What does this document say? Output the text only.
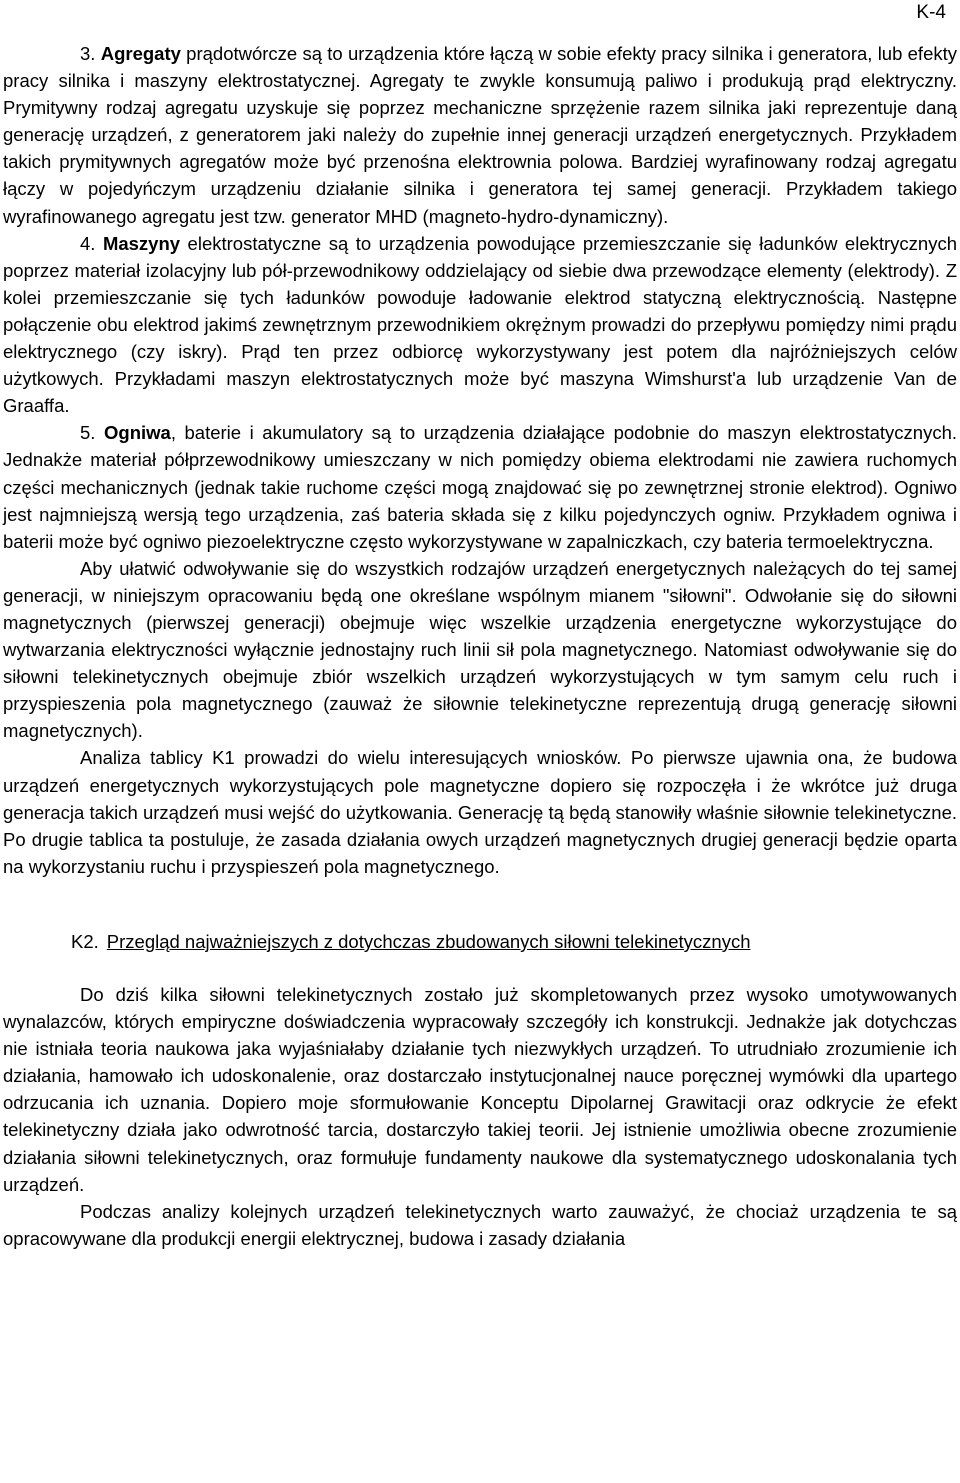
K-4

3. Agregaty prądotwórcze są to urządzenia które łączą w sobie efekty pracy silnika i generatora, lub efekty pracy silnika i maszyny elektrostatycznej. Agregaty te zwykle konsumują paliwo i produkują prąd elektryczny. Prymitywny rodzaj agregatu uzyskuje się poprzez mechaniczne sprzężenie razem silnika jaki reprezentuje daną generację urządzeń, z generatorem jaki należy do zupełnie innej generacji urządzeń energetycznych. Przykładem takich prymitywnych agregatów może być przenośna elektrownia polowa. Bardziej wyrafinowany rodzaj agregatu łączy w pojedyńczym urządzeniu działanie silnika i generatora tej samej generacji. Przykładem takiego wyrafinowanego agregatu jest tzw. generator MHD (magneto-hydro-dynamiczny).

4. Maszyny elektrostatyczne są to urządzenia powodujące przemieszczanie się ładunków elektrycznych poprzez materiał izolacyjny lub pół-przewodnikowy oddzielający od siebie dwa przewodzące elementy (elektrody). Z kolei przemieszczanie się tych ładunków powoduje ładowanie elektrod statyczną elektrycznością. Następne połączenie obu elektrod jakimś zewnętrznym przewodnikiem okrężnym prowadzi do przepływu pomiędzy nimi prądu elektrycznego (czy iskry). Prąd ten przez odbiorcę wykorzystywany jest potem dla najróżniejszych celów użytkowych. Przykładami maszyn elektrostatycznych może być maszyna Wimshurst'a lub urządzenie Van de Graaffa.

5. Ogniwa, baterie i akumulatory są to urządzenia działające podobnie do maszyn elektrostatycznych. Jednakże materiał półprzewodnikowy umieszczany w nich pomiędzy obiema elektrodami nie zawiera ruchomych części mechanicznych (jednak takie ruchome części mogą znajdować się po zewnętrznej stronie elektrod). Ogniwo jest najmniejszą wersją tego urządzenia, zaś bateria składa się z kilku pojedynczych ogniw. Przykładem ogniwa i baterii może być ogniwo piezoelektryczne często wykorzystywane w zapalniczkach, czy bateria termoelektryczna.

Aby ułatwić odwoływanie się do wszystkich rodzajów urządzeń energetycznych należących do tej samej generacji, w niniejszym opracowaniu będą one określane wspólnym mianem "siłowni". Odwołanie się do siłowni magnetycznych (pierwszej generacji) obejmuje więc wszelkie urządzenia energetyczne wykorzystujące do wytwarzania elektryczności wyłącznie jednostajny ruch linii sił pola magnetycznego. Natomiast odwoływanie się do siłowni telekinetycznych obejmuje zbiór wszelkich urządzeń wykorzystujących w tym samym celu ruch i przyspieszenia pola magnetycznego (zauważ że siłownie telekinetyczne reprezentują drugą generację siłowni magnetycznych).

Analiza tablicy K1 prowadzi do wielu interesujących wniosków. Po pierwsze ujawnia ona, że budowa urządzeń energetycznych wykorzystujących pole magnetyczne dopiero się rozpoczęła i że wkrótce już druga generacja takich urządzeń musi wejść do użytkowania. Generację tą będą stanowiły właśnie siłownie telekinetyczne. Po drugie tablica ta postuluje, że zasada działania owych urządzeń magnetycznych drugiej generacji będzie oparta na wykorzystaniu ruchu i przyspieszeń pola magnetycznego.

K2. Przegląd najważniejszych z dotychczas zbudowanych siłowni telekinetycznych

Do dziś kilka siłowni telekinetycznych zostało już skompletowanych przez wysoko umotywowanych wynalazców, których empiryczne doświadczenia wypracowały szczegóły ich konstrukcji. Jednakże jak dotychczas nie istniała teoria naukowa jaka wyjaśniałaby działanie tych niezwykłych urządzeń. To utrudniało zrozumienie ich działania, hamowało ich udoskonalenie, oraz dostarczało instytucjonalnej nauce poręcznej wymówki dla upartego odrzucania ich uznania. Dopiero moje sformułowanie Konceptu Dipolarnej Grawitacji oraz odkrycie że efekt telekinetyczny działa jako odwrotność tarcia, dostarczyło takiej teorii. Jej istnienie umożliwia obecne zrozumienie działania siłowni telekinetycznych, oraz formułuje fundamenty naukowe dla systematycznego udoskonalania tych urządzeń.

Podczas analizy kolejnych urządzeń telekinetycznych warto zauważyć, że chociaż urządzenia te są opracowywane dla produkcji energii elektrycznej, budowa i zasady działania
